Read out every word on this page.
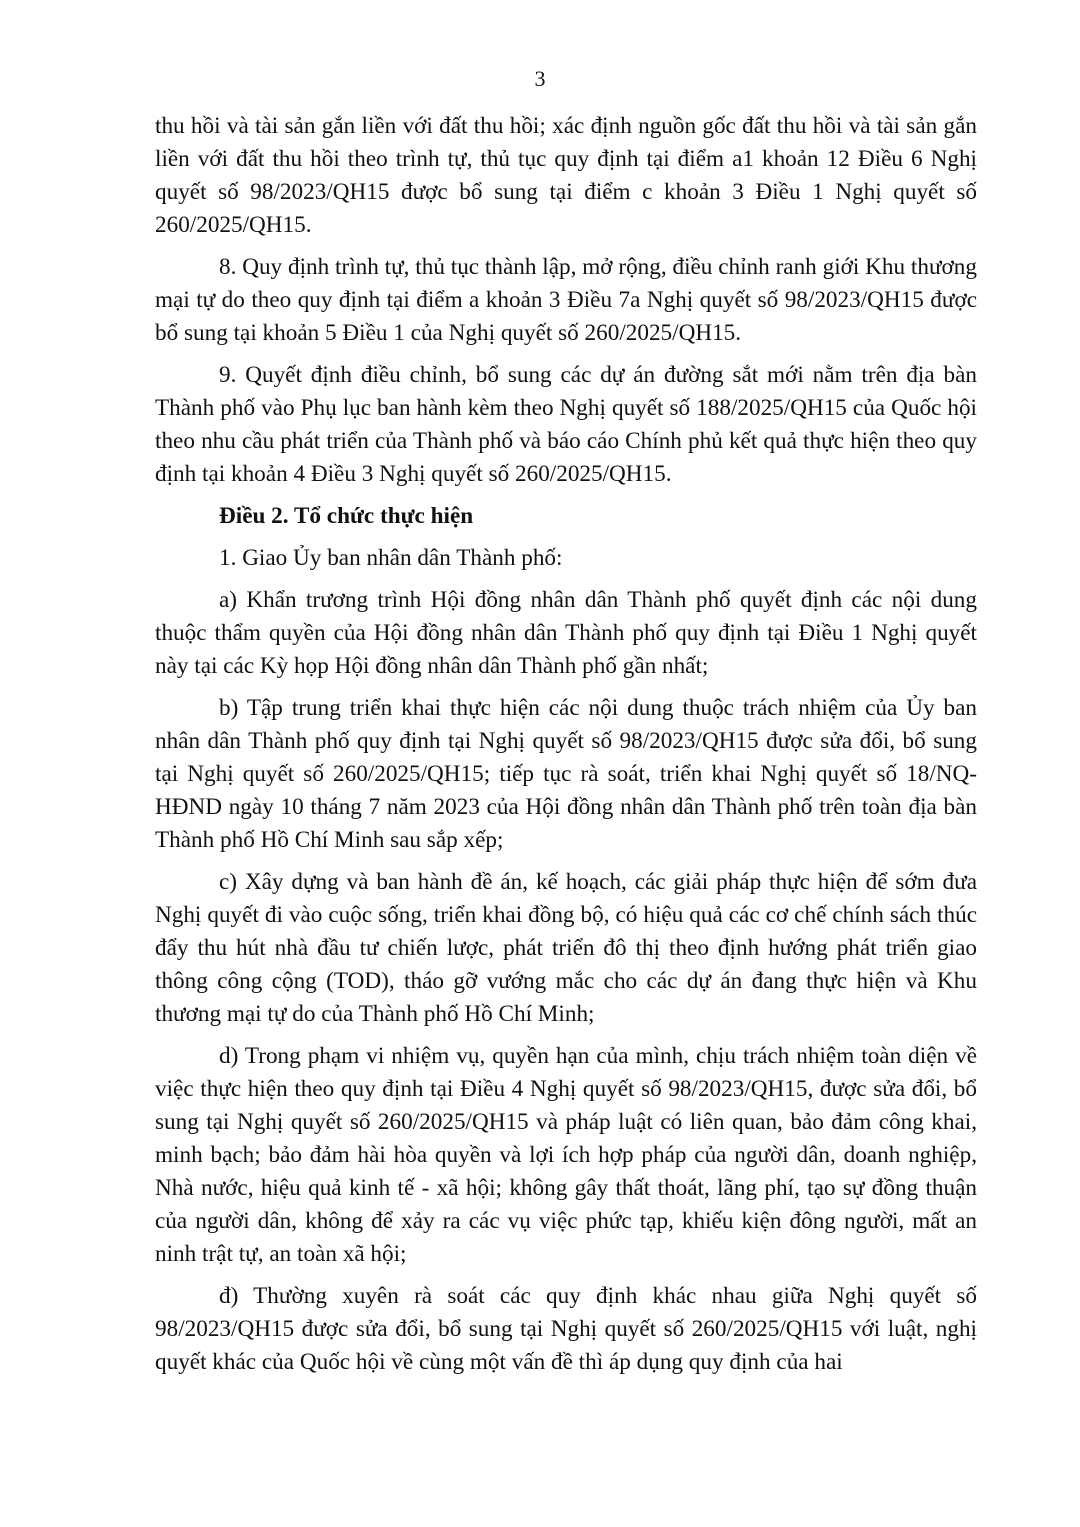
3

thu hồi và tài sản gắn liền với đất thu hồi; xác định nguồn gốc đất thu hồi và tài sản gắn liền với đất thu hồi theo trình tự, thủ tục quy định tại điểm a1 khoản 12 Điều 6 Nghị quyết số 98/2023/QH15 được bổ sung tại điểm c khoản 3 Điều 1 Nghị quyết số 260/2025/QH15.

8. Quy định trình tự, thủ tục thành lập, mở rộng, điều chỉnh ranh giới Khu thương mại tự do theo quy định tại điểm a khoản 3 Điều 7a Nghị quyết số 98/2023/QH15 được bổ sung tại khoản 5 Điều 1 của Nghị quyết số 260/2025/QH15.

9. Quyết định điều chỉnh, bổ sung các dự án đường sắt mới nằm trên địa bàn Thành phố vào Phụ lục ban hành kèm theo Nghị quyết số 188/2025/QH15 của Quốc hội theo nhu cầu phát triển của Thành phố và báo cáo Chính phủ kết quả thực hiện theo quy định tại khoản 4 Điều 3 Nghị quyết số 260/2025/QH15.

Điều 2. Tổ chức thực hiện

1. Giao Ủy ban nhân dân Thành phố:

a) Khẩn trương trình Hội đồng nhân dân Thành phố quyết định các nội dung thuộc thẩm quyền của Hội đồng nhân dân Thành phố quy định tại Điều 1 Nghị quyết này tại các Kỳ họp Hội đồng nhân dân Thành phố gần nhất;

b) Tập trung triển khai thực hiện các nội dung thuộc trách nhiệm của Ủy ban nhân dân Thành phố quy định tại Nghị quyết số 98/2023/QH15 được sửa đổi, bổ sung tại Nghị quyết số 260/2025/QH15; tiếp tục rà soát, triển khai Nghị quyết số 18/NQ-HĐND ngày 10 tháng 7 năm 2023 của Hội đồng nhân dân Thành phố trên toàn địa bàn Thành phố Hồ Chí Minh sau sắp xếp;

c) Xây dựng và ban hành đề án, kế hoạch, các giải pháp thực hiện để sớm đưa Nghị quyết đi vào cuộc sống, triển khai đồng bộ, có hiệu quả các cơ chế chính sách thúc đẩy thu hút nhà đầu tư chiến lược, phát triển đô thị theo định hướng phát triển giao thông công cộng (TOD), tháo gỡ vướng mắc cho các dự án đang thực hiện và Khu thương mại tự do của Thành phố Hồ Chí Minh;

d) Trong phạm vi nhiệm vụ, quyền hạn của mình, chịu trách nhiệm toàn diện về việc thực hiện theo quy định tại Điều 4 Nghị quyết số 98/2023/QH15, được sửa đổi, bổ sung tại Nghị quyết số 260/2025/QH15 và pháp luật có liên quan, bảo đảm công khai, minh bạch; bảo đảm hài hòa quyền và lợi ích hợp pháp của người dân, doanh nghiệp, Nhà nước, hiệu quả kinh tế - xã hội; không gây thất thoát, lãng phí, tạo sự đồng thuận của người dân, không để xảy ra các vụ việc phức tạp, khiếu kiện đông người, mất an ninh trật tự, an toàn xã hội;

đ) Thường xuyên rà soát các quy định khác nhau giữa Nghị quyết số 98/2023/QH15 được sửa đổi, bổ sung tại Nghị quyết số 260/2025/QH15 với luật, nghị quyết khác của Quốc hội về cùng một vấn đề thì áp dụng quy định của hai
